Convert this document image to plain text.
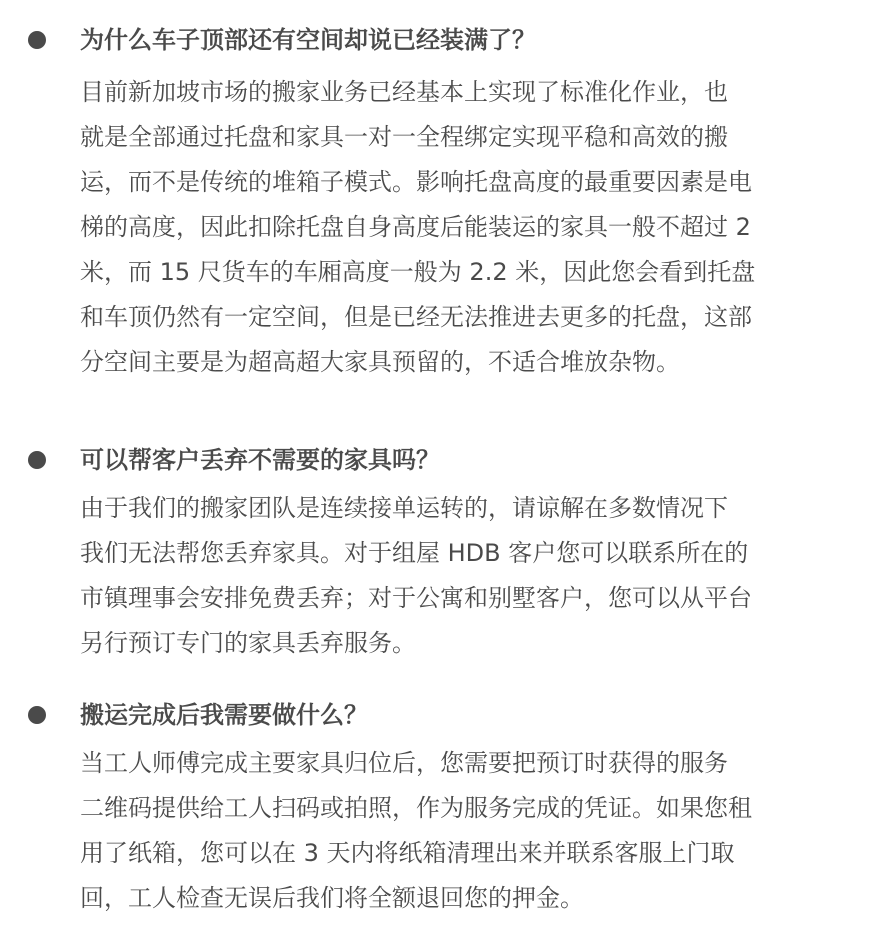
为什么车子顶部还有空间却说已经装满了？
目前新加坡市场的搬家业务已经基本上实现了标准化作业，也
就是全部通过托盘和家具一对一全程绑定实现平稳和高效的搬
运，而不是传统的堆箱子模式。影响托盘高度的最重要因素是电
梯的高度，因此扣除托盘自身高度后能装运的家具一般不超过 2
米，而 15 尺货车的车厢高度一般为 2.2 米，因此您会看到托盘
和车顶仍然有一定空间，但是已经无法推进去更多的托盘，这部
分空间主要是为超高超大家具预留的，不适合堆放杂物。
可以帮客户丢弃不需要的家具吗？
由于我们的搬家团队是连续接单运转的，请谅解在多数情况下
我们无法帮您丢弃家具。对于组屋 HDB 客户您可以联系所在的
市镇理事会安排免费丢弃；对于公寓和别墅客户，您可以从平台
另行预订专门的家具丢弃服务。
搬运完成后我需要做什么？
当工人师傅完成主要家具归位后，您需要把预订时获得的服务
二维码提供给工人扫码或拍照，作为服务完成的凭证。如果您租
用了纸箱，您可以在 3 天内将纸箱清理出来并联系客服上门取
回，工人检查无误后我们将全额退回您的押金。
